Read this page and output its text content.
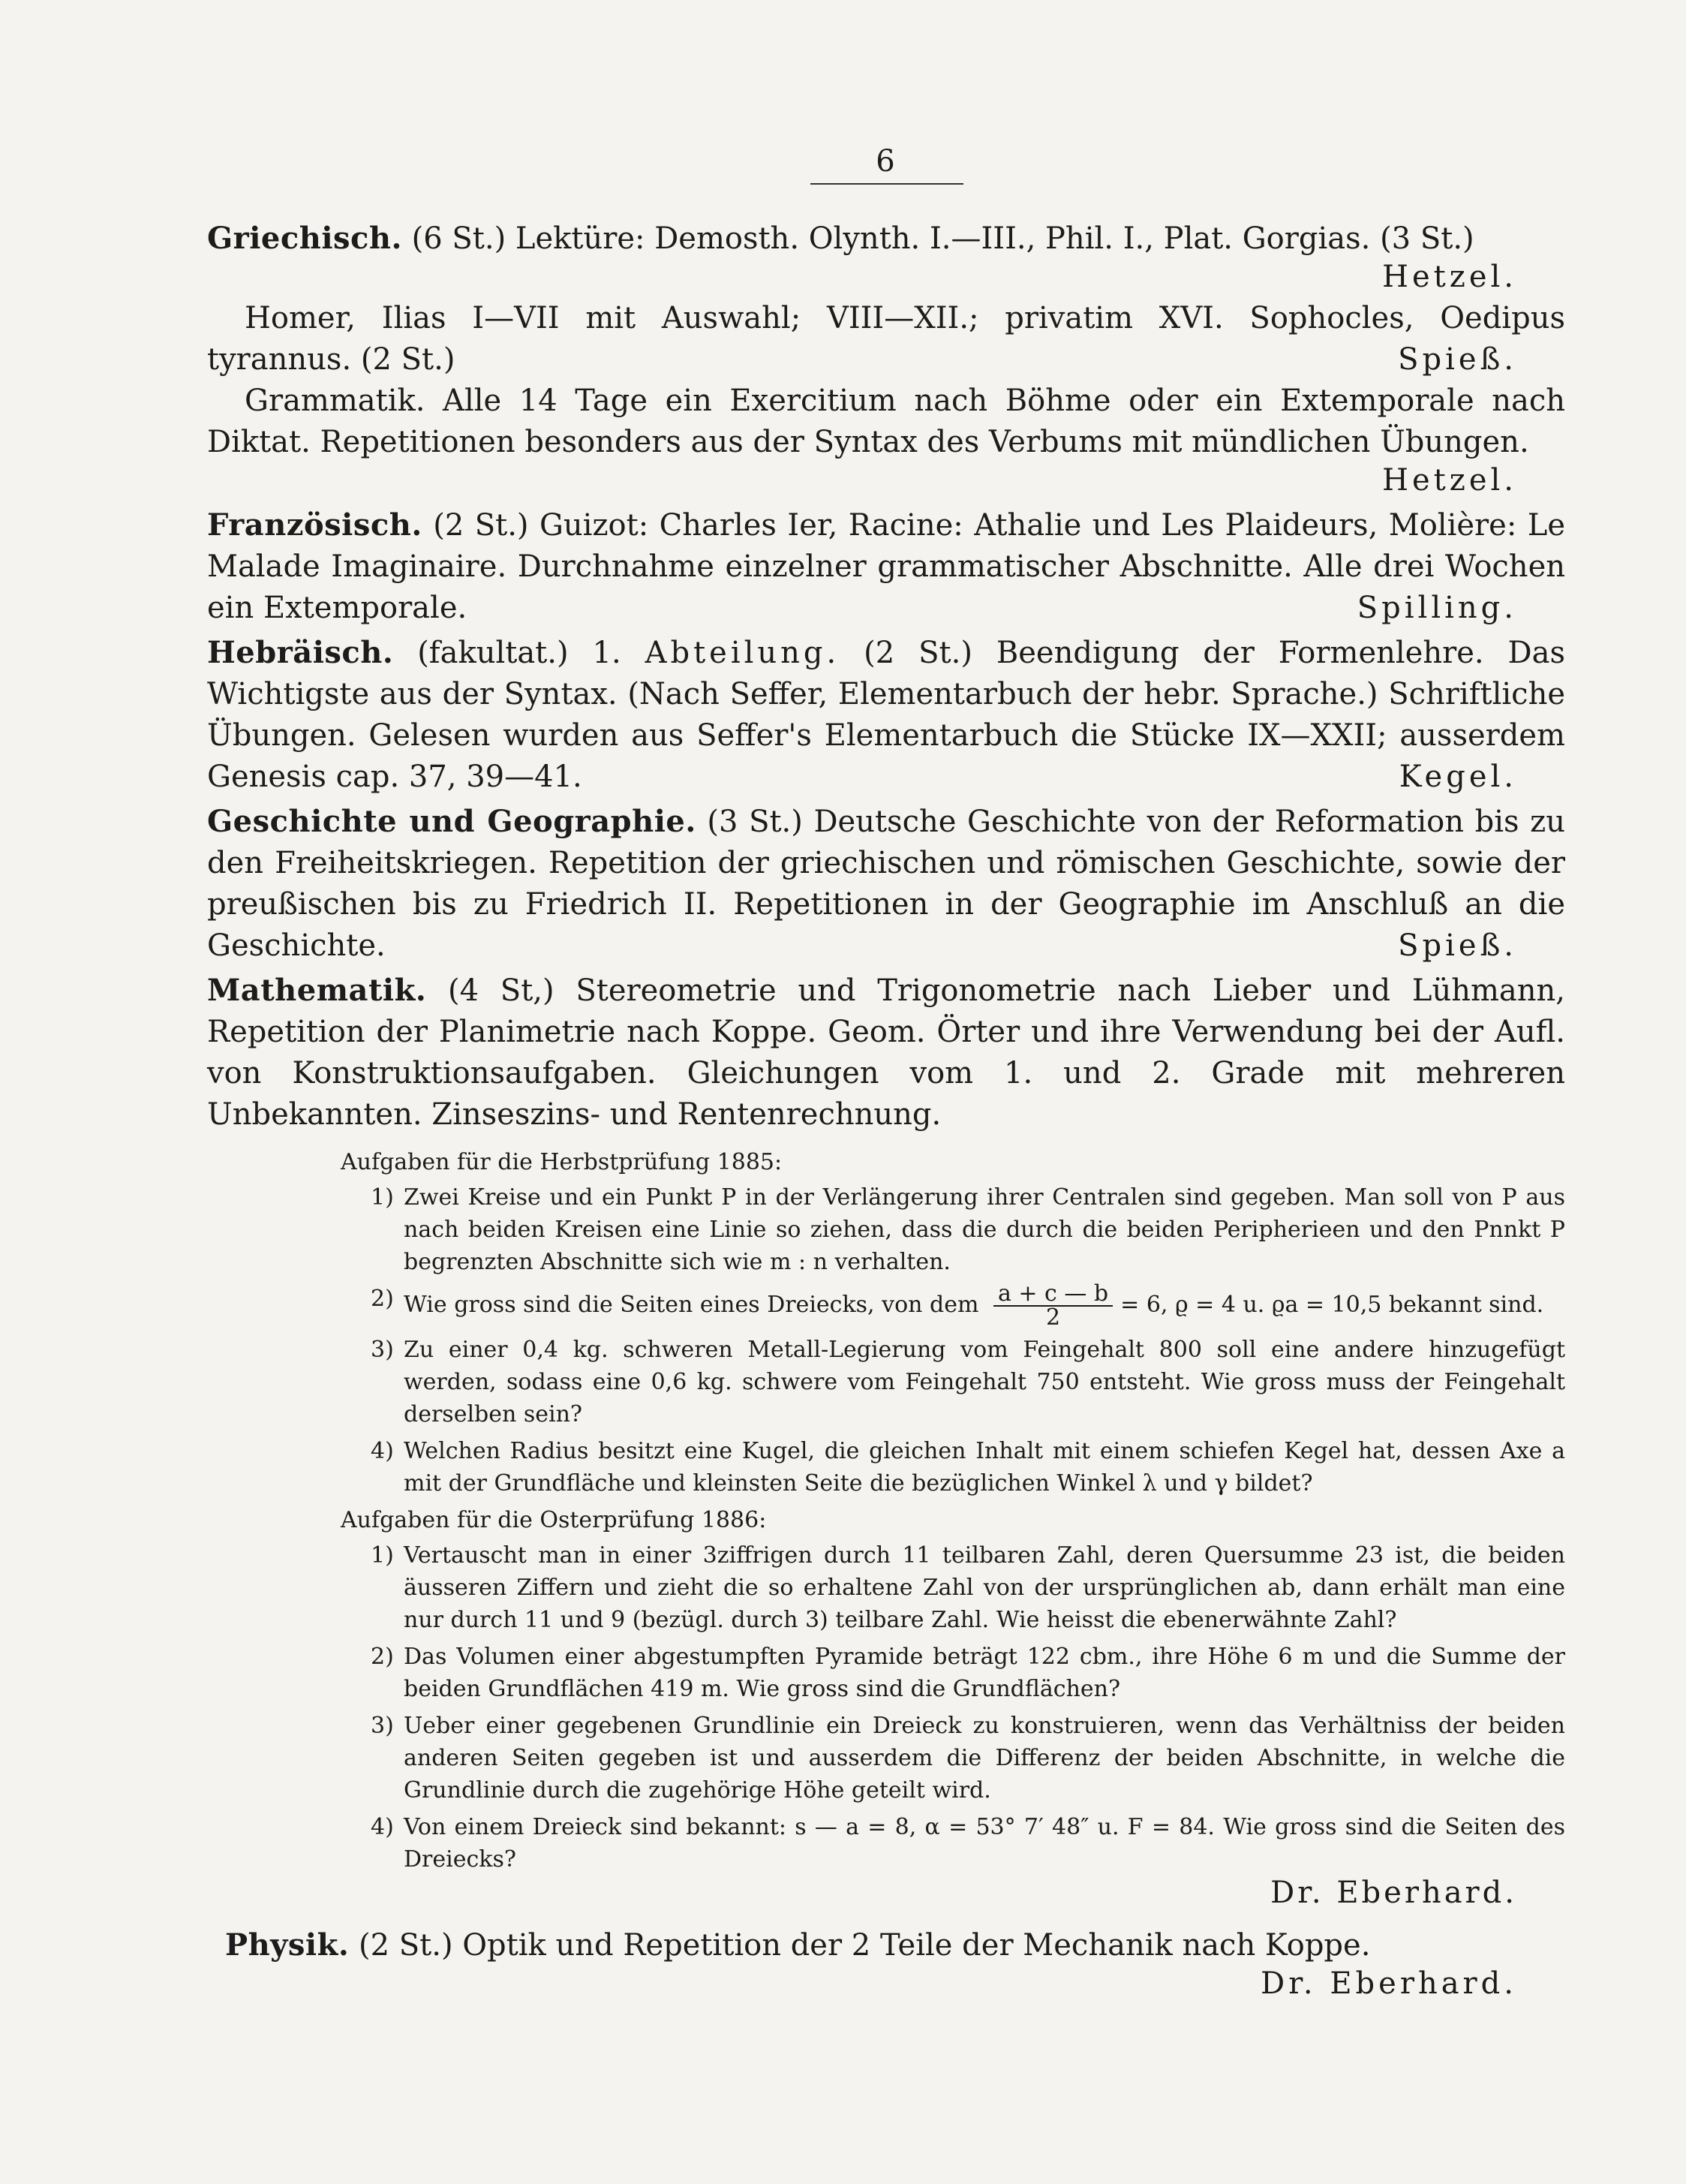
6

Griechisch. (6 St.) Lektüre: Demosth. Olynth. I.—III., Phil. I., Plat. Gorgias. (3 St.)

Hetzel.

Homer, Ilias I—VII mit Auswahl; VIII—XII.; privatim XVI. Sophocles, Oedipus tyrannus. (2 St.)	Spieß.

Grammatik. Alle 14 Tage ein Exercitium nach Böhme oder ein Extemporale nach Diktat. Repetitionen besonders aus der Syntax des Verbums mit mündlichen Übungen.

Hetzel.

Französisch. (2 St.) Guizot: Charles Ier, Racine: Athalie und Les Plaideurs, Molière: Le Malade Imaginaire. Durchnahme einzelner grammatischer Abschnitte. Alle drei Wochen ein Extemporale.	Spilling.

Hebräisch. (fakultat.) 1. Abteilung. (2 St.) Beendigung der Formenlehre. Das Wichtigste aus der Syntax. (Nach Seffer, Elementarbuch der hebr. Sprache.) Schriftliche Übungen. Gelesen wurden aus Seffer's Elementarbuch die Stücke IX—XXII; ausserdem Genesis cap. 37, 39—41.	Kegel.

Geschichte und Geographie. (3 St.) Deutsche Geschichte von der Reformation bis zu den Freiheitskriegen. Repetition der griechischen und römischen Geschichte, sowie der preußischen bis zu Friedrich II. Repetitionen in der Geographie im Anschluß an die Geschichte.	Spieß.

Mathematik. (4 St,) Stereometrie und Trigonometrie nach Lieber und Lühmann, Repetition der Planimetrie nach Koppe. Geom. Örter und ihre Verwendung bei der Aufl. von Konstruktionsaufgaben. Gleichungen vom 1. und 2. Grade mit mehreren Unbekannten. Zinseszins- und Rentenrechnung.

Aufgaben für die Herbstprüfung 1885:
1) Zwei Kreise und ein Punkt P in der Verlängerung ihrer Centralen sind gegeben. Man soll von P aus nach beiden Kreisen eine Linie so ziehen, dass die durch die beiden Peripherieen und den Pnnkt P begrenzten Abschnitte sich wie m : n verhalten.
2) Wie gross sind die Seiten eines Dreiecks, von dem $\frac{a + c — b}{2} = 6$, ϱ = 4 u. ϱa = 10,5 bekannt sind.
3) Zu einer 0,4 kg. schweren Metall-Legierung vom Feingehalt 800 soll eine andere hinzugefügt werden, sodass eine 0,6 kg. schwere vom Feingehalt 750 entsteht. Wie gross muss der Feingehalt derselben sein?
4) Welchen Radius besitzt eine Kugel, die gleichen Inhalt mit einem schiefen Kegel hat, dessen Axe a mit der Grundfläche und kleinsten Seite die bezüglichen Winkel λ und γ bildet?
Aufgaben für die Osterprüfung 1886:
1) Vertauscht man in einer 3ziffrigen durch 11 teilbaren Zahl, deren Quersumme 23 ist, die beiden äusseren Ziffern und zieht die so erhaltene Zahl von der ursprünglichen ab, dann erhält man eine nur durch 11 und 9 (bezügl. durch 3) teilbare Zahl. Wie heisst die ebenerwähnte Zahl?
2) Das Volumen einer abgestumpften Pyramide beträgt 122 cbm., ihre Höhe 6 m und die Summe der beiden Grundflächen 419 m. Wie gross sind die Grundflächen?
3) Ueber einer gegebenen Grundlinie ein Dreieck zu konstruieren, wenn das Verhältniss der beiden anderen Seiten gegeben ist und ausserdem die Differenz der beiden Abschnitte, in welche die Grundlinie durch die zugehörige Höhe geteilt wird.
4) Von einem Dreieck sind bekannt: s — a = 8, α = 53° 7′ 48″ u. F = 84. Wie gross sind die Seiten des Dreiecks?
Dr. Eberhard.

Physik. (2 St.) Optik und Repetition der 2 Teile der Mechanik nach Koppe.

Dr. Eberhard.
